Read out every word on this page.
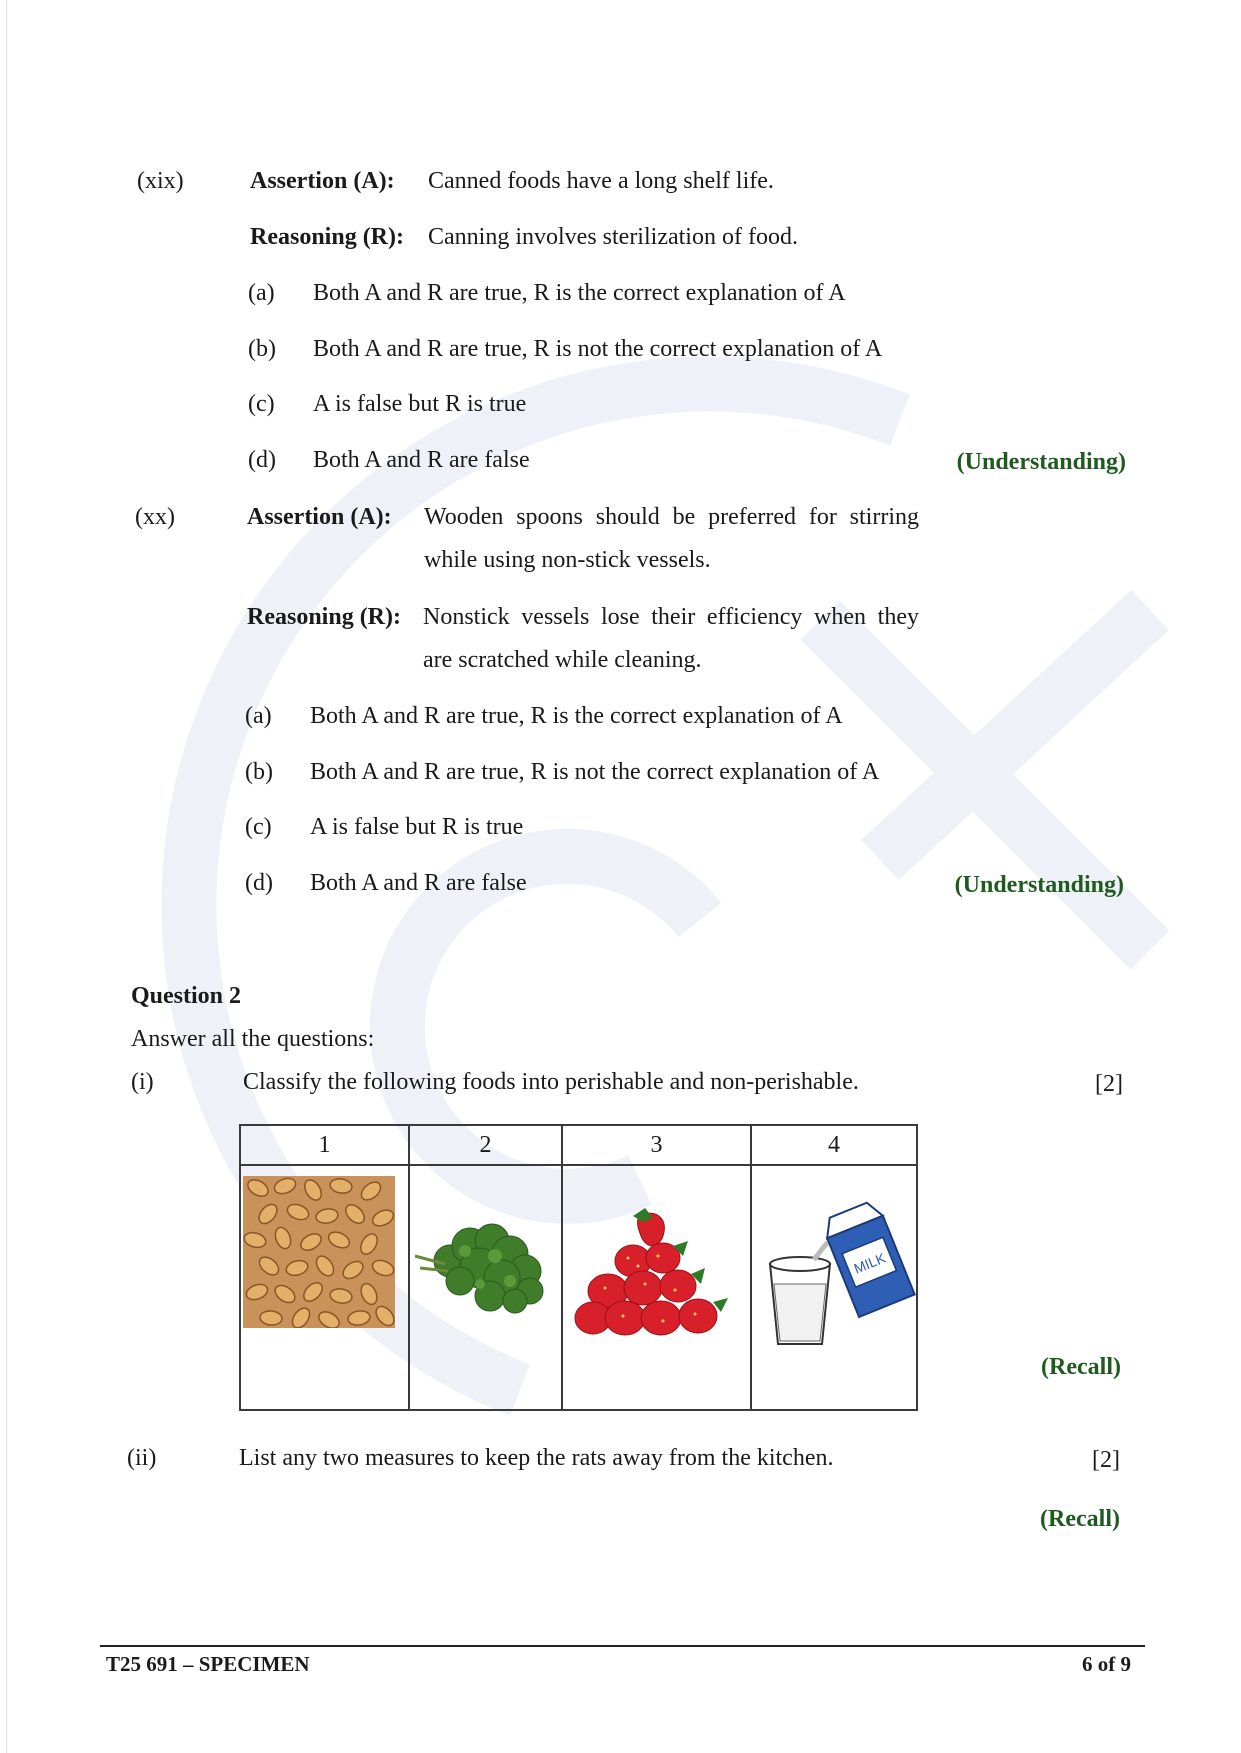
(xix)	Assertion (A): Canned foods have a long shelf life.
Reasoning (R): Canning involves sterilization of food.
(a) Both A and R are true, R is the correct explanation of A
(b) Both A and R are true, R is not the correct explanation of A
(c) A is false but R is true
(d) Both A and R are false	(Understanding)
(xx)	Assertion (A): Wooden spoons should be preferred for stirring
while using non-stick vessels.
Reasoning (R): Nonstick vessels lose their efficiency when they
are scratched while cleaning.
(a) Both A and R are true, R is the correct explanation of A
(b) Both A and R are true, R is not the correct explanation of A
(c) A is false but R is true
(d) Both A and R are false	(Understanding)
Question 2
Answer all the questions:
(i)	Classify the following foods into perishable and non-perishable.	[2]
1	2	3	4

MILK
(Recall)
(ii)	List any two measures to keep the rats away from the kitchen.	[2]
(Recall)
T25 691 – SPECIMEN	6 of 9
